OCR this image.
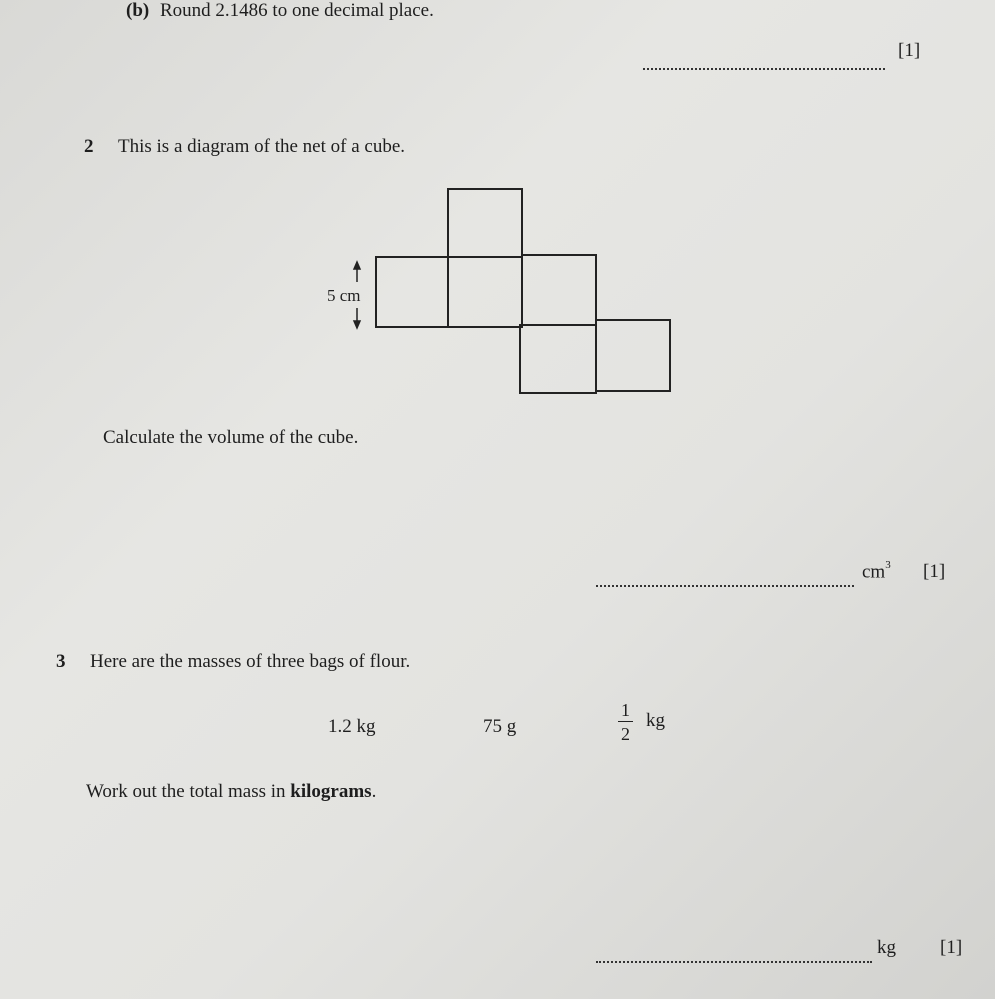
(b) Round 2.1486 to one decimal place.
[1]
2 This is a diagram of the net of a cube.
5 cm
Calculate the volume of the cube.
$cm^3$ [1]
3 Here are the masses of three bags of flour.
1.2 kg	75 g	$\frac{1}{2}$ kg
Work out the total mass in kilograms.
kg [1]
